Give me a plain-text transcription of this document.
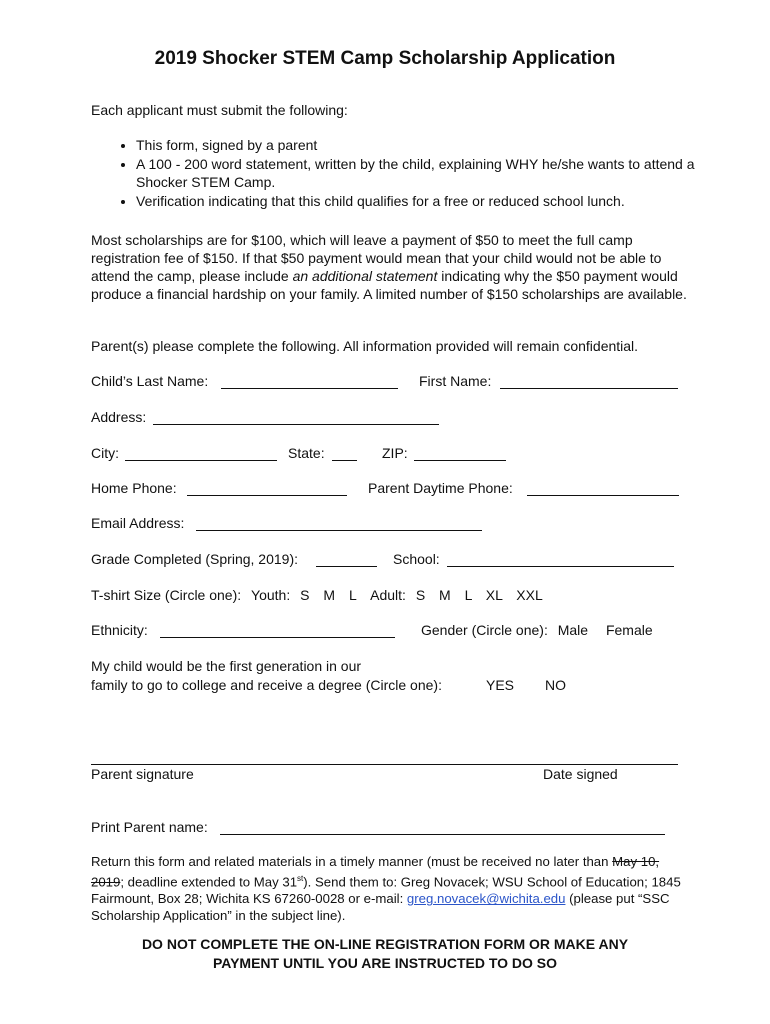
2019 Shocker STEM Camp Scholarship Application
Each applicant must submit the following:
• This form, signed by a parent
• A 100 - 200 word statement, written by the child, explaining WHY he/she wants to attend a Shocker STEM Camp.
• Verification indicating that this child qualifies for a free or reduced school lunch.
Most scholarships are for $100, which will leave a payment of $50 to meet the full camp registration fee of $150. If that $50 payment would mean that your child would not be able to attend the camp, please include an additional statement indicating why the $50 payment would produce a financial hardship on your family. A limited number of $150 scholarships are available.
Parent(s) please complete the following. All information provided will remain confidential.
Child’s Last Name:	First Name:
Address:
City:	State:	ZIP:
Home Phone:	Parent Daytime Phone:
Email Address:
Grade Completed (Spring, 2019):	School:
T-shirt Size (Circle one): Youth: S M L Adult: S M L XL XXL
Ethnicity:	Gender (Circle one): Male Female
My child would be the first generation in our
family to go to college and receive a degree (Circle one):	YES NO
Parent signature	Date signed
Print Parent name:
Return this form and related materials in a timely manner (must be received no later than May 10, 2019; deadline extended to May 31st). Send them to: Greg Novacek; WSU School of Education; 1845 Fairmount, Box 28; Wichita KS 67260-0028 or e-mail: greg.novacek@wichita.edu (please put “SSC Scholarship Application” in the subject line).
DO NOT COMPLETE THE ON-LINE REGISTRATION FORM OR MAKE ANY
PAYMENT UNTIL YOU ARE INSTRUCTED TO DO SO
